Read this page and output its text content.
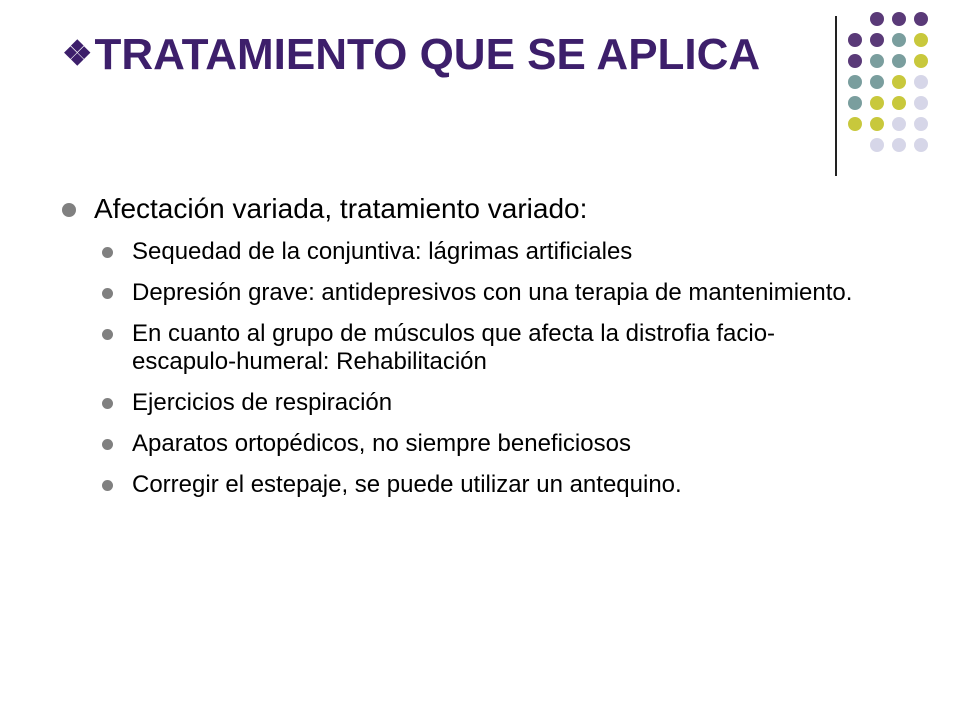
❖TRATAMIENTO QUE SE APLICA
Afectación variada, tratamiento variado:
Sequedad de la conjuntiva: lágrimas artificiales
Depresión grave: antidepresivos con una terapia de mantenimiento.
En cuanto al grupo de músculos que afecta la distrofia facio-escapulo-humeral: Rehabilitación
Ejercicios de respiración
Aparatos ortopédicos, no siempre beneficiosos
Corregir el estepaje, se puede utilizar un antequino.
